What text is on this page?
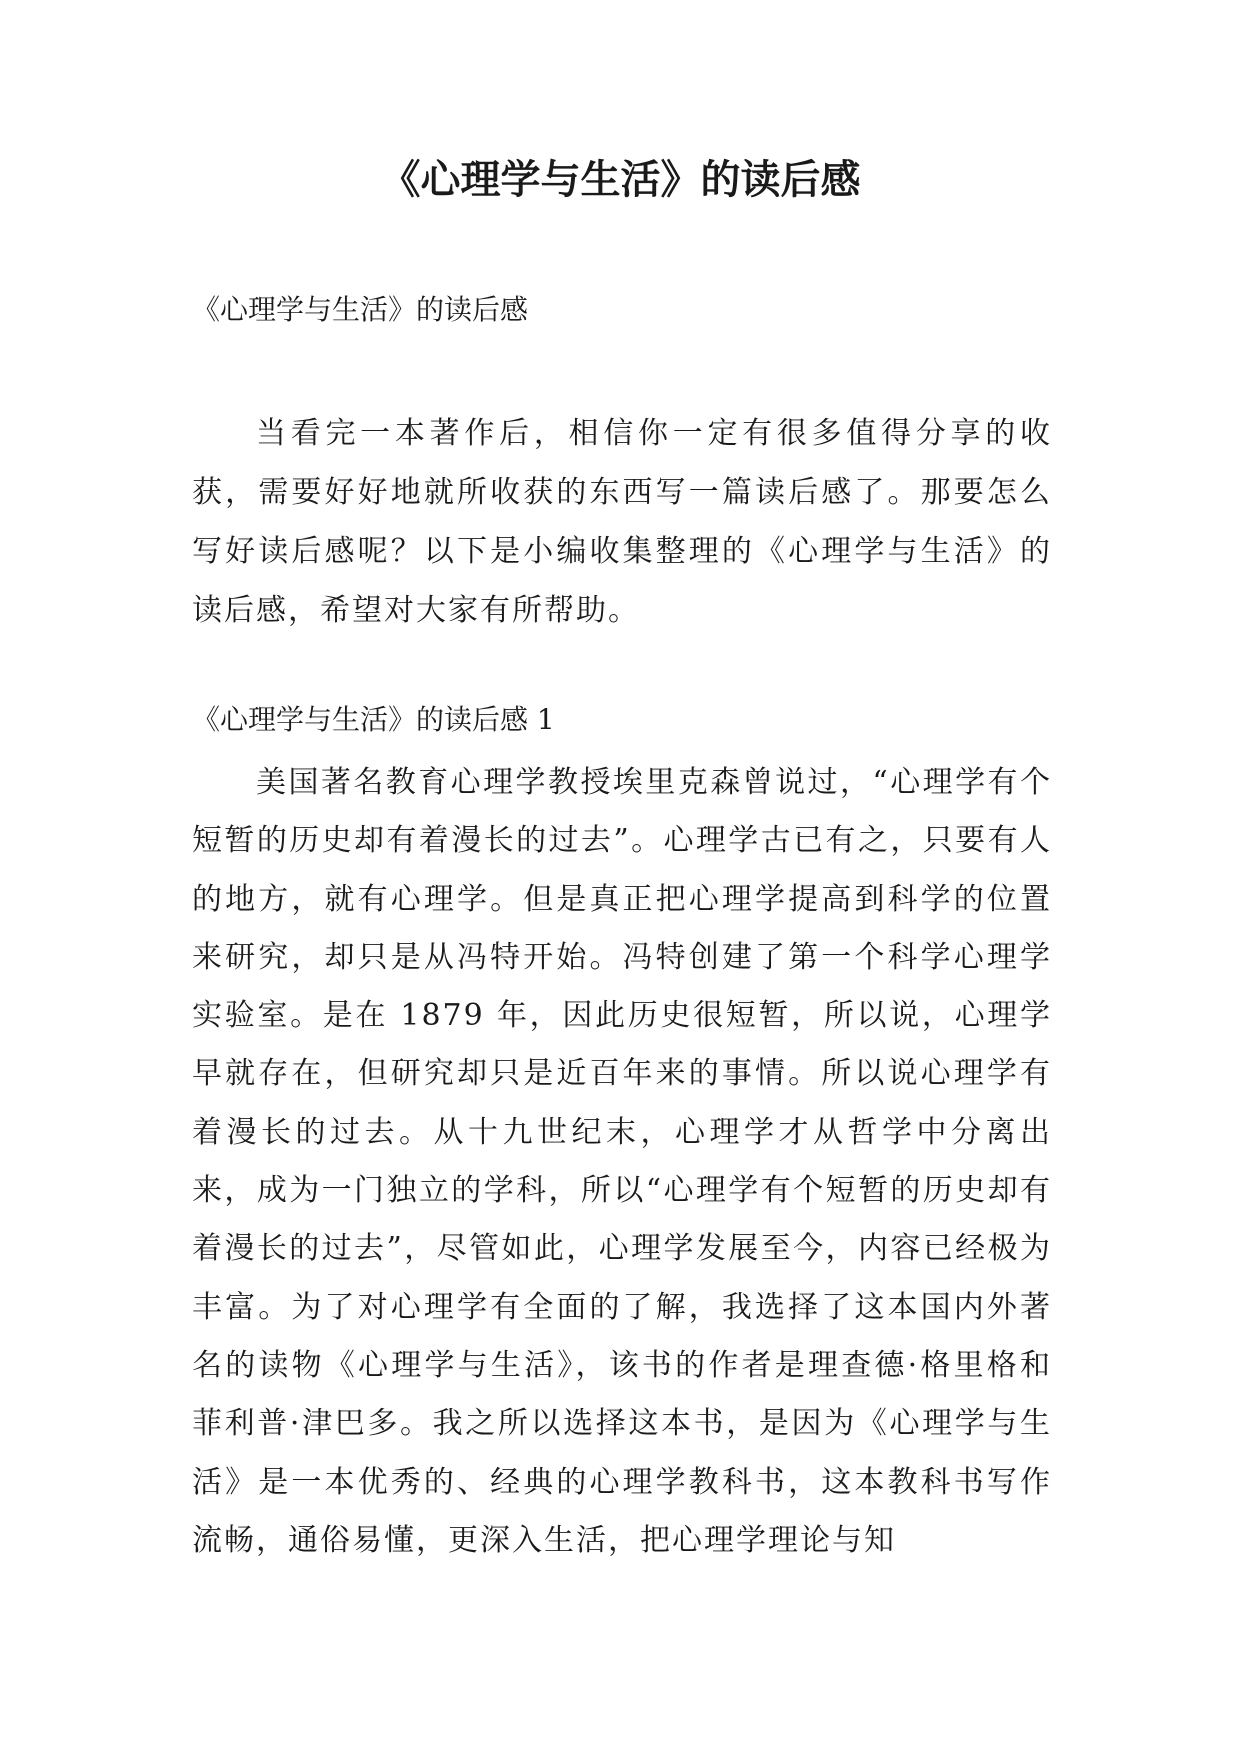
《心理学与生活》的读后感

《心理学与生活》的读后感

当看完一本著作后，相信你一定有很多值得分享的收获，需要好好地就所收获的东西写一篇读后感了。那要怎么写好读后感呢？以下是小编收集整理的《心理学与生活》的读后感，希望对大家有所帮助。

《心理学与生活》的读后感 1

美国著名教育心理学教授埃里克森曾说过，“心理学有个短暂的历史却有着漫长的过去”。心理学古已有之，只要有人的地方，就有心理学。但是真正把心理学提高到科学的位置来研究，却只是从冯特开始。冯特创建了第一个科学心理学实验室。是在 1879 年，因此历史很短暂，所以说，心理学早就存在，但研究却只是近百年来的事情。所以说心理学有着漫长的过去。从十九世纪末，心理学才从哲学中分离出来，成为一门独立的学科，所以“心理学有个短暂的历史却有着漫长的过去”，尽管如此，心理学发展至今，内容已经极为丰富。为了对心理学有全面的了解，我选择了这本国内外著名的读物《心理学与生活》，该书的作者是理查德·格里格和菲利普·津巴多。我之所以选择这本书，是因为《心理学与生活》是一本优秀的、经典的心理学教科书，这本教科书写作流畅，通俗易懂，更深入生活，把心理学理论与知
